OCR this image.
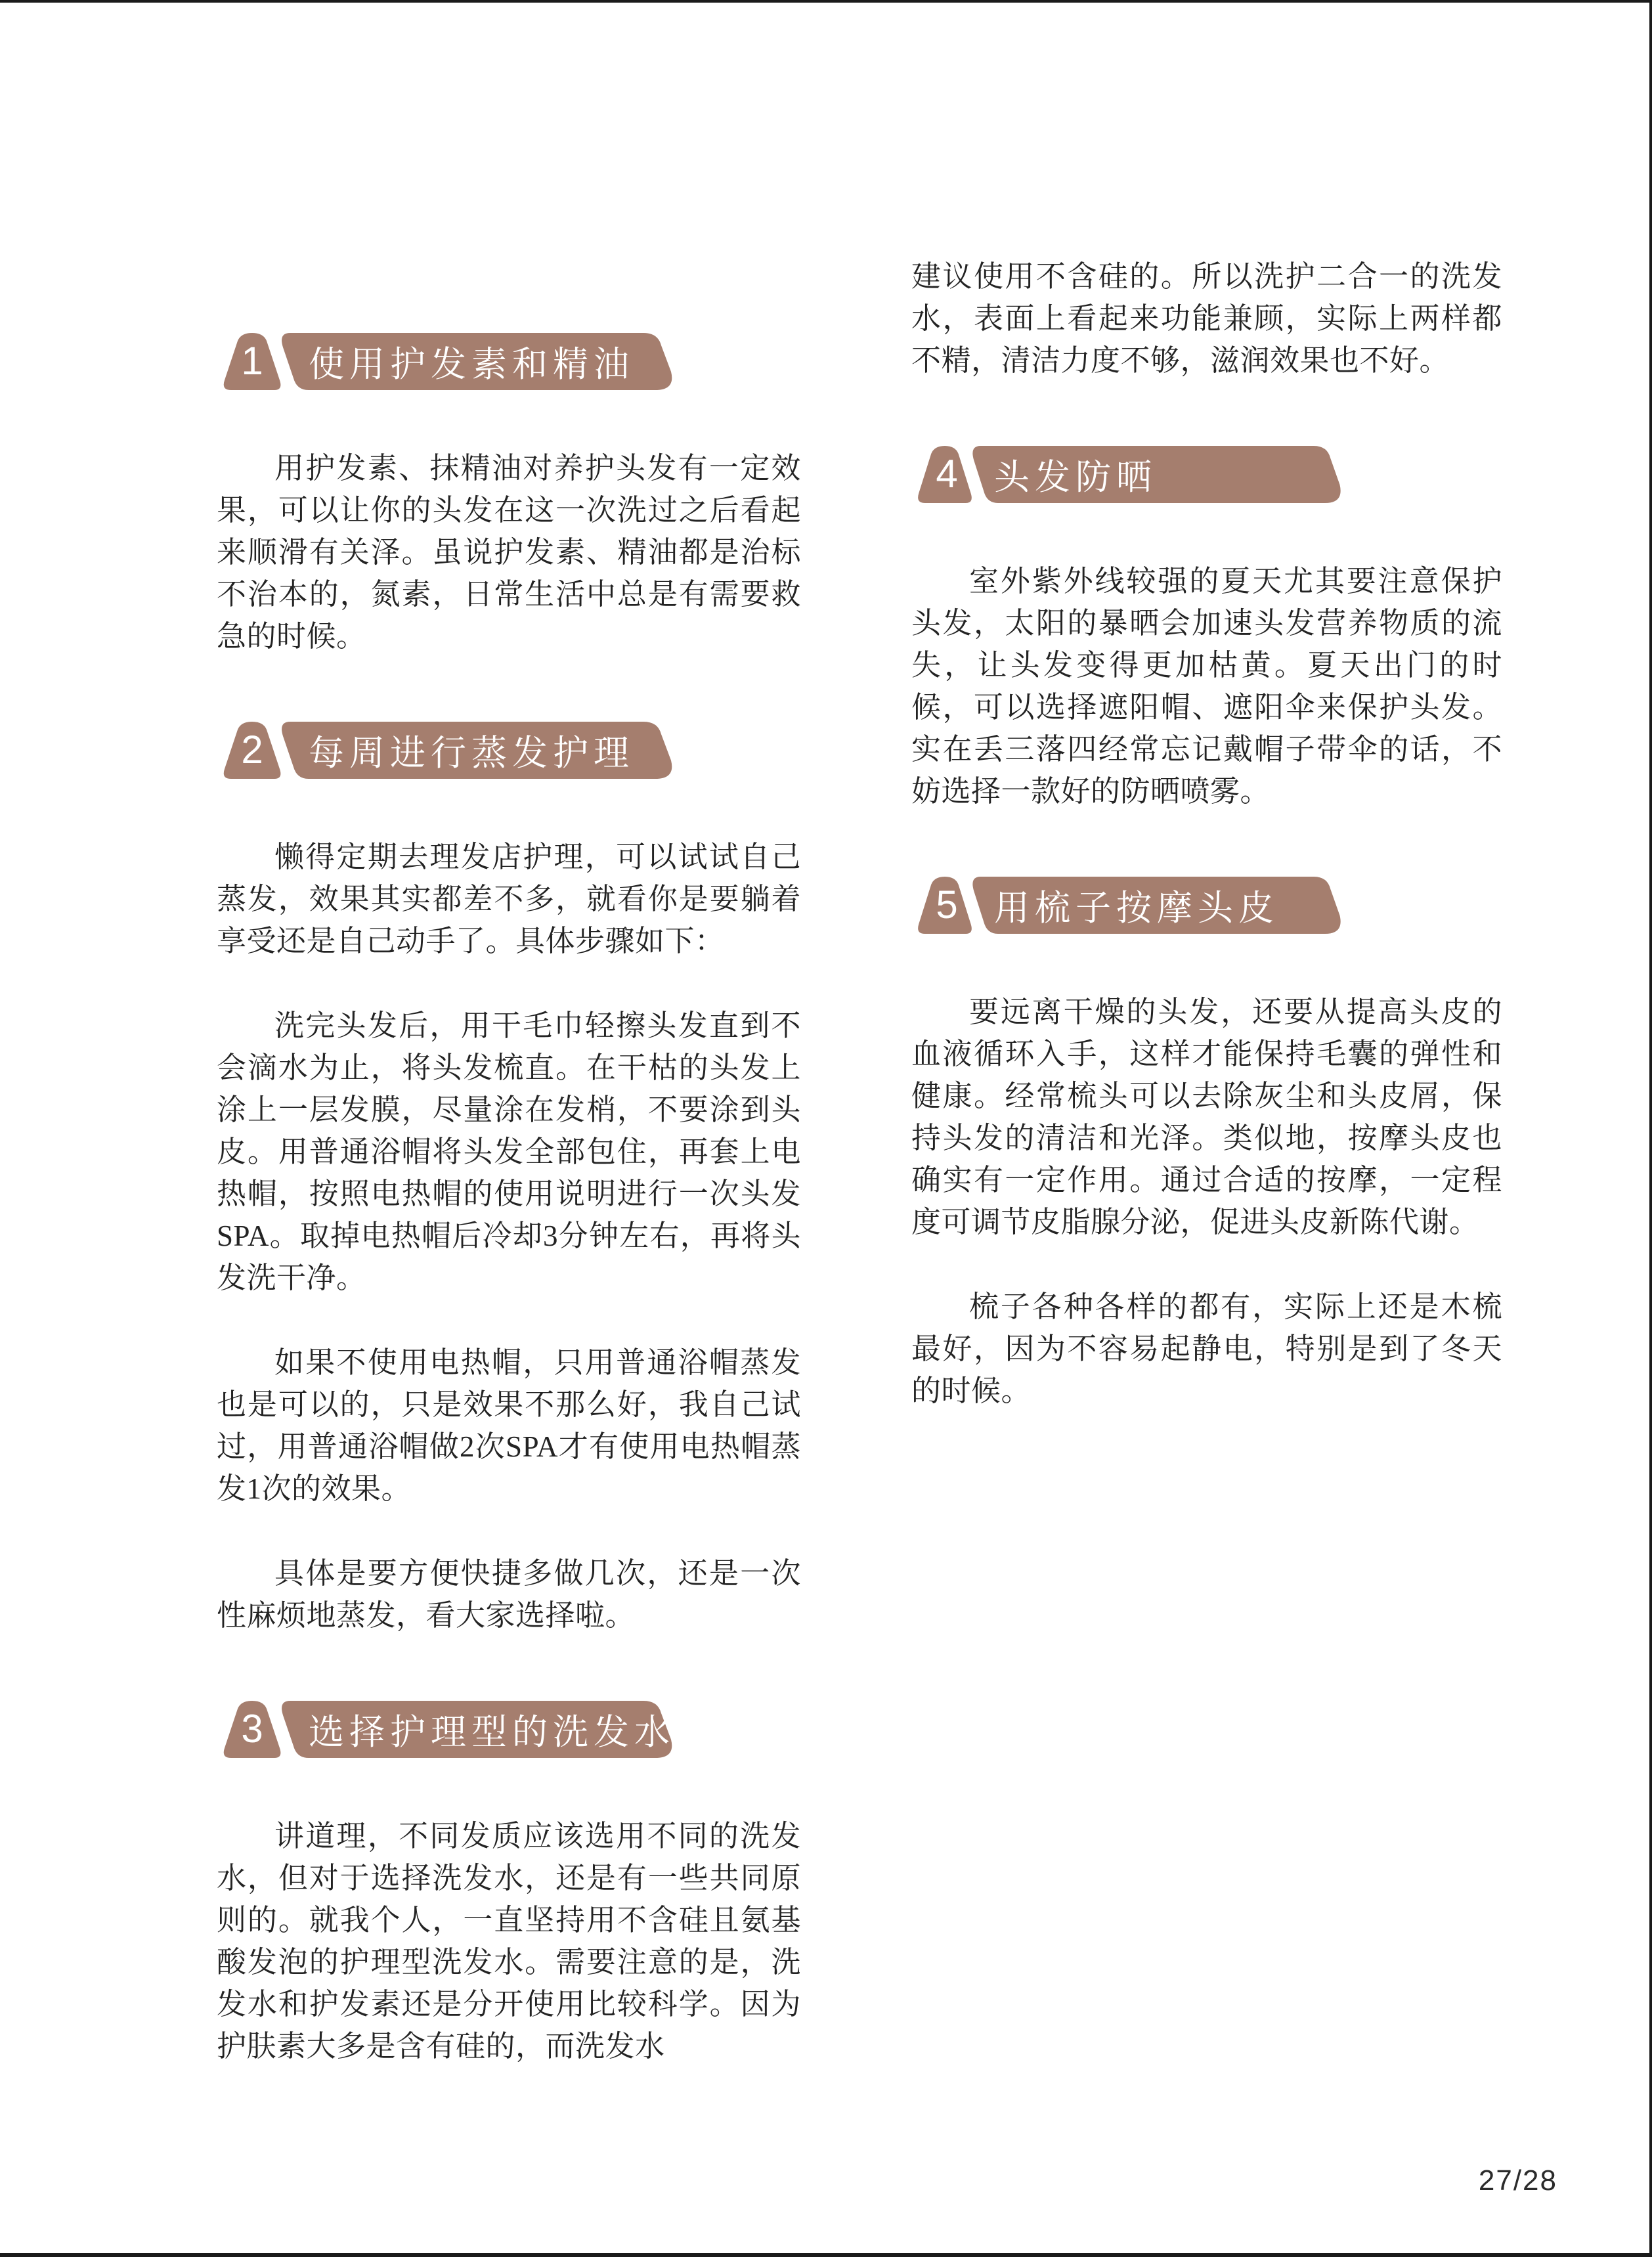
1	使用护发素和精油

用护发素、抹精油对养护头发有一定效果，可以让你的头发在这一次洗过之后看起来顺滑有关泽。虽说护发素、精油都是治标不治本的，氮素，日常生活中总是有需要救急的时候。

2	每周进行蒸发护理

懒得定期去理发店护理，可以试试自己蒸发，效果其实都差不多，就看你是要躺着享受还是自己动手了。具体步骤如下：

洗完头发后，用干毛巾轻擦头发直到不会滴水为止，将头发梳直。在干枯的头发上涂上一层发膜，尽量涂在发梢，不要涂到头皮。用普通浴帽将头发全部包住，再套上电热帽，按照电热帽的使用说明进行一次头发SPA。取掉电热帽后冷却3分钟左右，再将头发洗干净。

如果不使用电热帽，只用普通浴帽蒸发也是可以的，只是效果不那么好，我自己试过，用普通浴帽做2次SPA才有使用电热帽蒸发1次的效果。

具体是要方便快捷多做几次，还是一次性麻烦地蒸发，看大家选择啦。

3	选择护理型的洗发水

讲道理，不同发质应该选用不同的洗发水，但对于选择洗发水，还是有一些共同原则的。就我个人，一直坚持用不含硅且氨基酸发泡的护理型洗发水。需要注意的是，洗发水和护发素还是分开使用比较科学。因为护肤素大多是含有硅的，而洗发水

建议使用不含硅的。所以洗护二合一的洗发水，表面上看起来功能兼顾，实际上两样都不精，清洁力度不够，滋润效果也不好。

4	头发防晒

室外紫外线较强的夏天尤其要注意保护头发，太阳的暴晒会加速头发营养物质的流失，让头发变得更加枯黄。夏天出门的时候，可以选择遮阳帽、遮阳伞来保护头发。实在丢三落四经常忘记戴帽子带伞的话，不妨选择一款好的防晒喷雾。

5	用梳子按摩头皮

要远离干燥的头发，还要从提高头皮的血液循环入手，这样才能保持毛囊的弹性和健康。经常梳头可以去除灰尘和头皮屑，保持头发的清洁和光泽。类似地，按摩头皮也确实有一定作用。通过合适的按摩，一定程度可调节皮脂腺分泌，促进头皮新陈代谢。

梳子各种各样的都有，实际上还是木梳最好，因为不容易起静电，特别是到了冬天的时候。

27/28
